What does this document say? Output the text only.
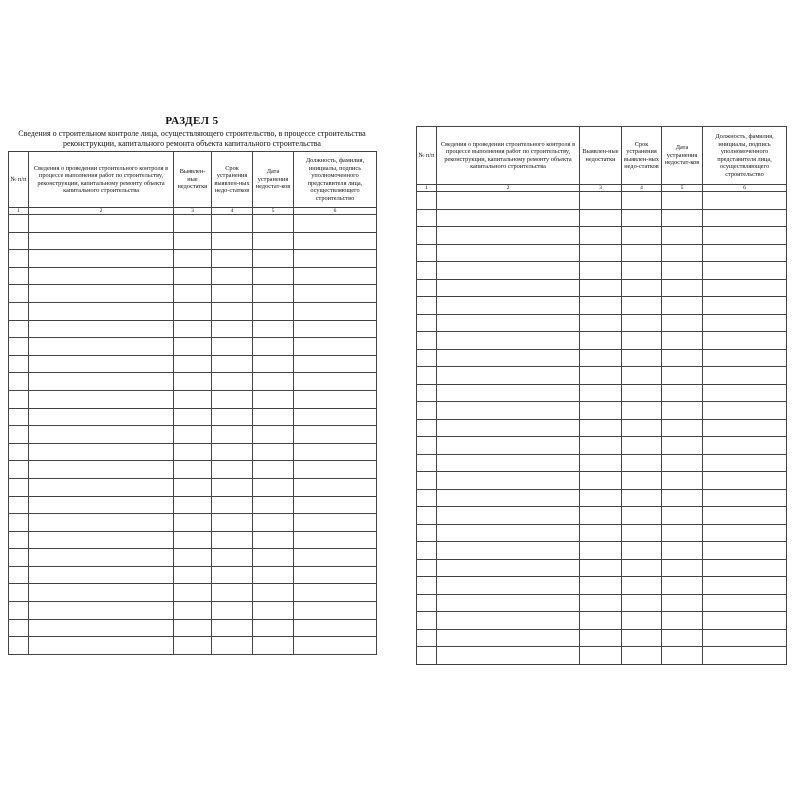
РАЗДЕЛ 5
Сведения о строительном контроле лица, осуществляющего строительство, в процессе строительства
реконструкции, капитального ремонта объекта капитального строительства
№ п/п	Сведения о проведении строительного контроля в процессе выполнения работ по строительству, реконструкции, капитальному ремонту объекта капитального строительства	Выявлен-ные недостатки	Срок устранения выявлен-ных недо-статков	Дата устранения недостат-ков	Должность, фамилия, инициалы, подпись уполномоченного представителя лица, осуществляющего строительство
1	2	3	4	5	6

№ п/п	Сведения о проведении строительного контроля в процессе выполнения работ по строительству, реконструкции, капитальному ремонту объекта капитального строительства	Выявлен-ные недостатки	Срок устранения выявлен-ных недо-статков	Дата устранения недостат-ков	Должность, фамилия, инициалы, подпись уполномоченного представителя лица, осуществляющего строительство
1	2	3	4	5	6
